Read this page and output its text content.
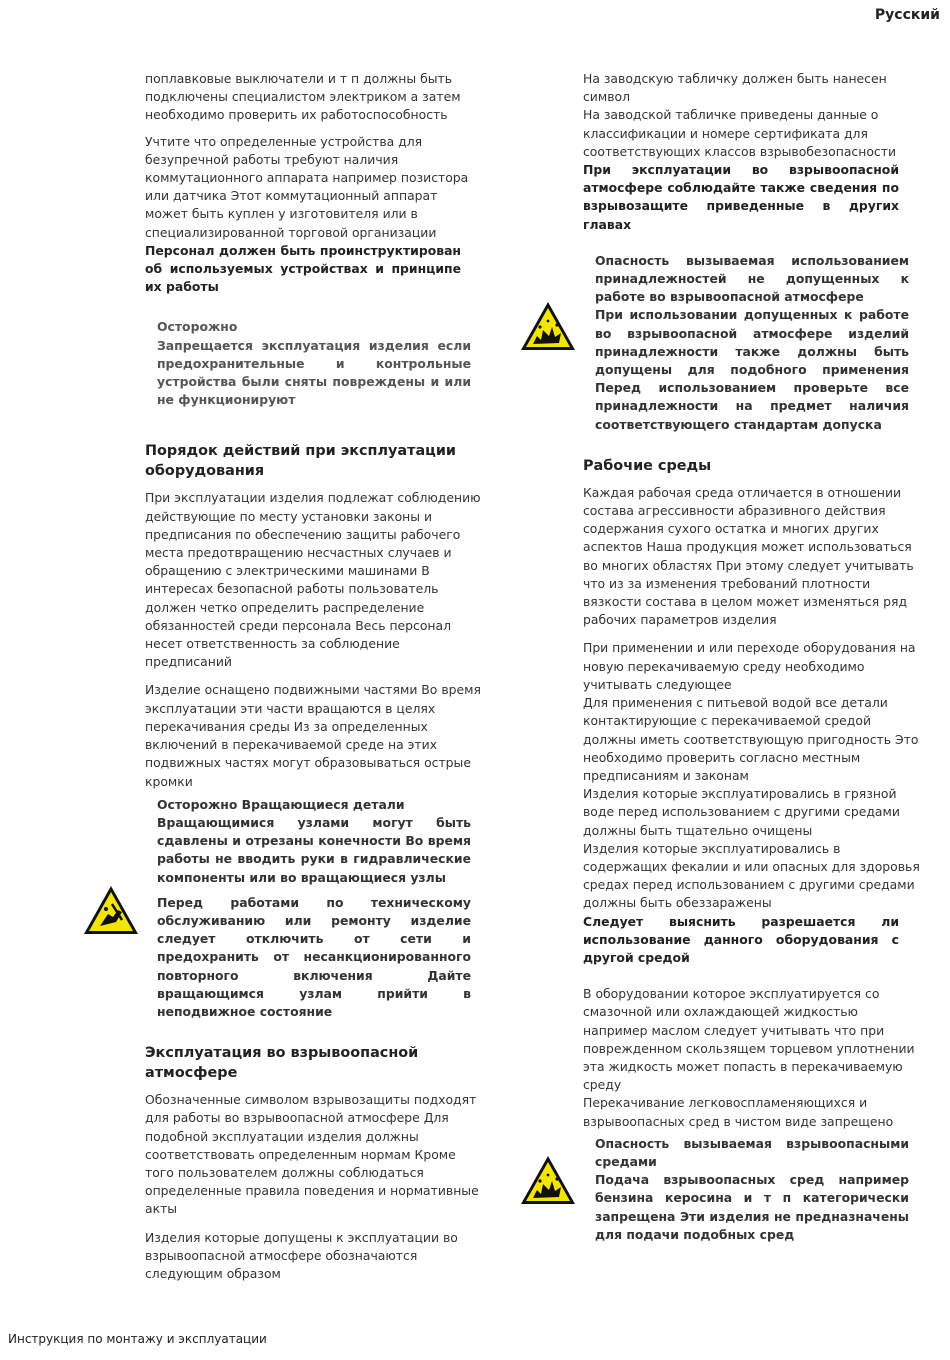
Русский

поплавковые выключатели и т п должны быть
подключены специалистом электриком а затем
необходимо проверить их работоспособность

Учтите что определенные устройства для
безупречной работы требуют наличия
коммутационного аппарата например позистора
или датчика Этот коммутационный аппарат
может быть куплен у изготовителя или в
специализированной торговой организации

Персонал должен быть проинструктирован об используемых устройствах и принципе их работы

Осторожно

Запрещается эксплуатация изделия если предохранительные и контрольные устройства были сняты повреждены и или не функционируют

Порядок действий при эксплуатации оборудования

При эксплуатации изделия подлежат соблюдению
действующие по месту установки законы и
предписания по обеспечению защиты рабочего
места предотвращению несчастных случаев и
обращению с электрическими машинами В
интересах безопасной работы пользователь
должен четко определить распределение
обязанностей среди персонала Весь персонал
несет ответственность за соблюдение
предписаний

Изделие оснащено подвижными частями Во время
эксплуатации эти части вращаются в целях
перекачивания среды Из за определенных
включений в перекачиваемой среде на этих
подвижных частях могут образовываться острые
кромки

Осторожно Вращающиеся детали
Вращающимися узлами могут быть сдавлены и отрезаны конечности Во время работы не вводить руки в гидравлические компоненты или во вращающиеся узлы

Перед работами по техническому обслуживанию или ремонту изделие следует отключить от сети и предохранить от несанкционированного повторного включения Дайте вращающимся узлам прийти в неподвижное состояние

Эксплуатация во взрывоопасной атмосфере

Обозначенные символом взрывозащиты подходят
для работы во взрывоопасной атмосфере Для
подобной эксплуатации изделия должны
соответствовать определенным нормам Кроме
того пользователем должны соблюдаться
определенные правила поведения и нормативные
акты

Изделия которые допущены к эксплуатации во
взрывоопасной атмосфере обозначаются
следующим образом

На заводскую табличку должен быть нанесен
символ
На заводской табличке приведены данные о
классификации и номере сертификата для
соответствующих классов взрывобезопасности

При эксплуатации во взрывоопасной атмосфере соблюдайте также сведения по взрывозащите приведенные в других главах

Опасность вызываемая использованием принадлежностей не допущенных к работе во взрывоопасной атмосфере

При использовании допущенных к работе во взрывоопасной атмосфере изделий принадлежности также должны быть допущены для подобного применения Перед использованием проверьте все принадлежности на предмет наличия соответствующего стандартам допуска

Рабочие среды

Каждая рабочая среда отличается в отношении
состава агрессивности абразивного действия
содержания сухого остатка и многих других
аспектов Наша продукция может использоваться
во многих областях При этому следует учитывать
что из за изменения требований плотности
вязкости состава в целом может изменяться ряд
рабочих параметров изделия

При применении и или переходе оборудования на
новую перекачиваемую среду необходимо
учитывать следующее
Для применения с питьевой водой все детали
контактирующие с перекачиваемой средой
должны иметь соответствующую пригодность Это
необходимо проверить согласно местным
предписаниям и законам
Изделия которые эксплуатировались в грязной
воде перед использованием с другими средами
должны быть тщательно очищены
Изделия которые эксплуатировались в
содержащих фекалии и или опасных для здоровья
средах перед использованием с другими средами
должны быть обеззаражены

Следует выяснить разрешается ли использование данного оборудования с другой средой

В оборудовании которое эксплуатируется со
смазочной или охлаждающей жидкостью
например маслом следует учитывать что при
поврежденном скользящем торцевом уплотнении
эта жидкость может попасть в перекачиваемую
среду
Перекачивание легковоспламеняющихся и
взрывоопасных сред в чистом виде запрещено

Опасность вызываемая взрывоопасными средами

Подача взрывоопасных сред например бензина керосина и т п категорически запрещена Эти изделия не предназначены для подачи подобных сред

Инструкция по монтажу и эксплуатации
